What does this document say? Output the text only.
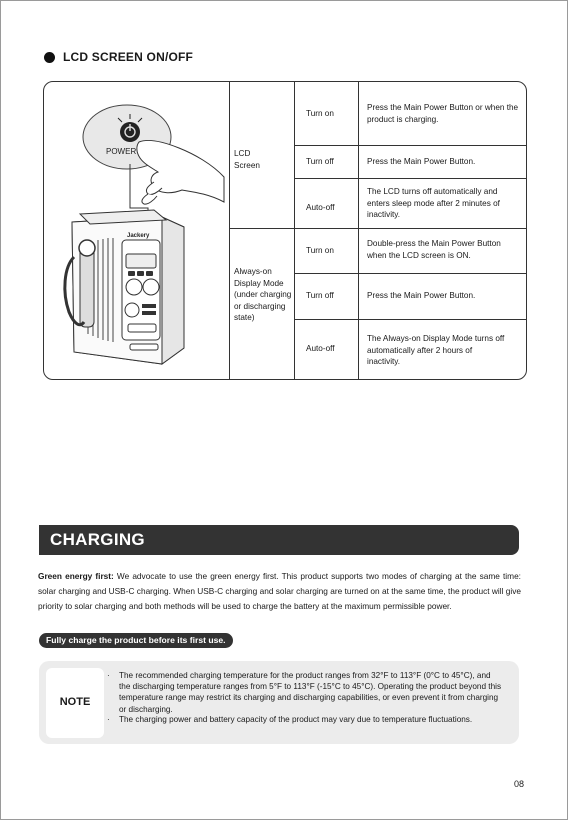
LCD SCREEN ON/OFF
POWER
Jackery
LCD
Screen
Always-on Display Mode (under charging or discharging state)
Turn on
Press the Main Power Button or when the product is charging.
Turn off	Press the Main Power Button.
Auto-off
The LCD turns off automatically and enters sleep mode after 2 minutes of inactivity.
Turn on
Double-press the Main Power Button when the LCD screen is ON.
Turn off	Press the Main Power Button.
Auto-off
The Always-on Display Mode turns off automatically after 2 hours of inactivity.
CHARGING
Green energy first: We advocate to use the green energy first. This product supports two modes of charging at the same time: solar charging and USB-C charging. When USB-C charging and solar charging are turned on at the same time, the product will give priority to solar charging and both methods will be used to charge the battery at the maximum permissible power.
Fully charge the product before its first use.
NOTE
· The recommended charging temperature for the product ranges from 32°F to 113°F (0°C to 45°C), and the discharging temperature ranges from 5°F to 113°F (-15°C to 45°C). Operating the product beyond this temperature range may restrict its charging and discharging capabilities, or even prevent it from charging or discharging.
· The charging power and battery capacity of the product may vary due to temperature fluctuations.
08
